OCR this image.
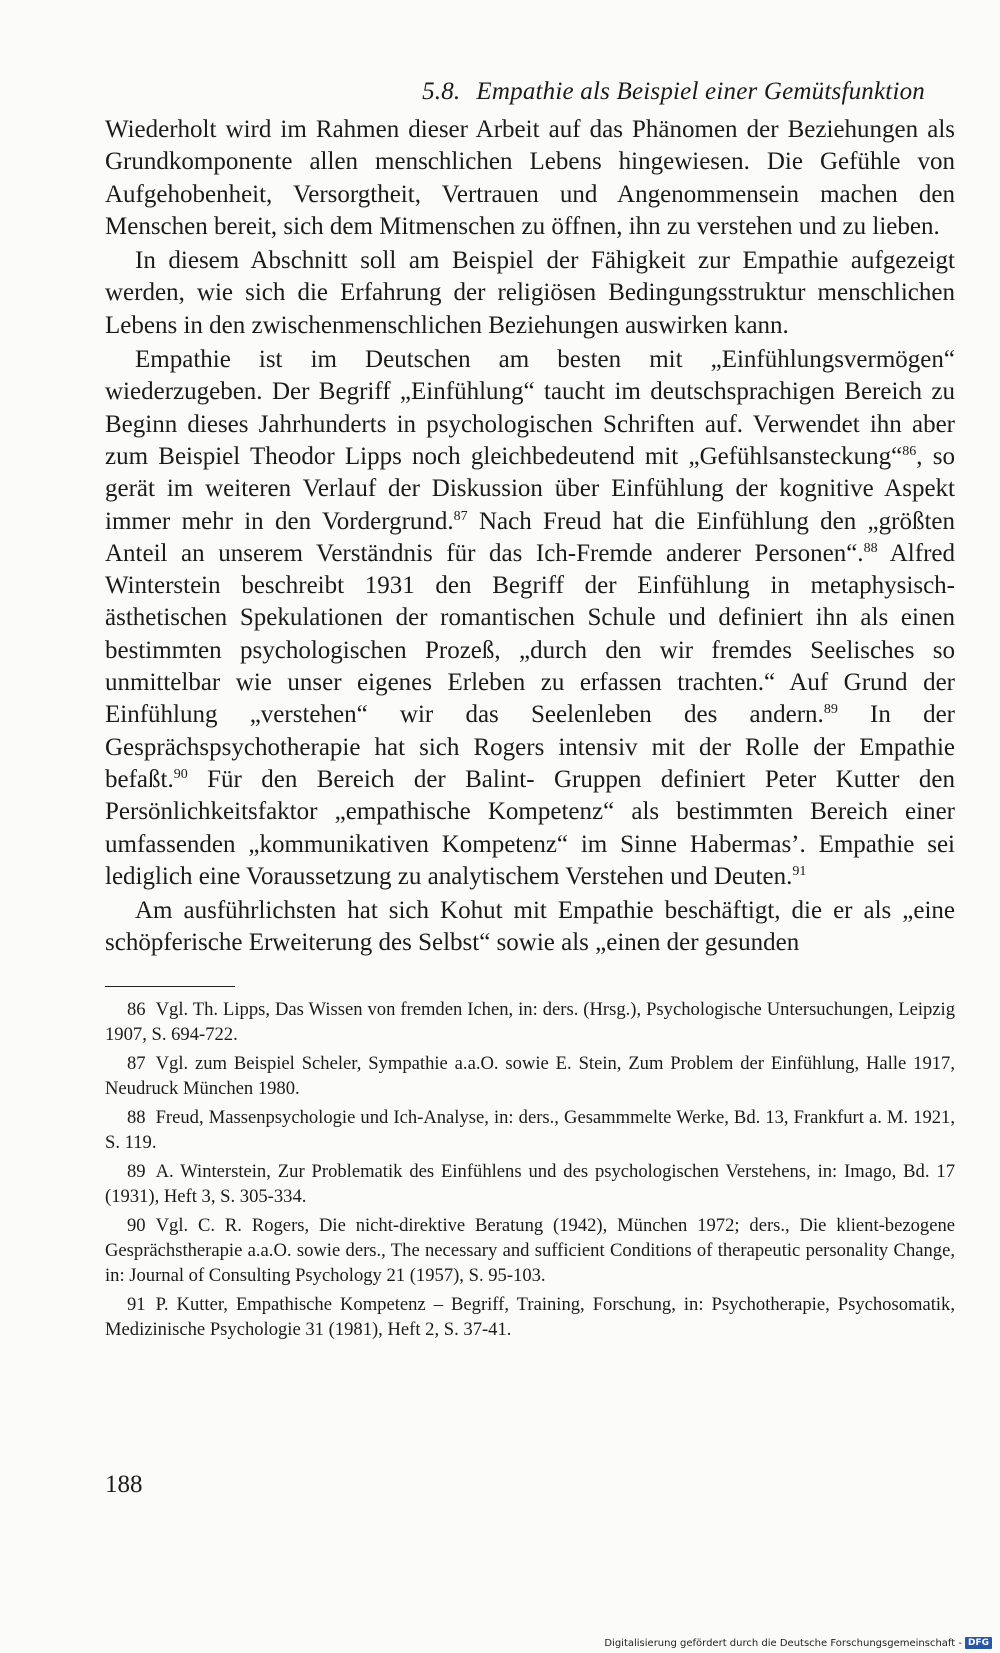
5.8. Empathie als Beispiel einer Gemütsfunktion

Wiederholt wird im Rahmen dieser Arbeit auf das Phänomen der Beziehungen als Grundkomponente allen menschlichen Lebens hingewiesen. Die Gefühle von Aufgehobenheit, Versorgtheit, Vertrauen und Angenommensein machen den Menschen bereit, sich dem Mitmenschen zu öffnen, ihn zu verstehen und zu lieben.

In diesem Abschnitt soll am Beispiel der Fähigkeit zur Empathie aufgezeigt werden, wie sich die Erfahrung der religiösen Bedingungsstruktur menschlichen Lebens in den zwischenmenschlichen Beziehungen auswirken kann.

Empathie ist im Deutschen am besten mit „Einfühlungsvermögen“ wiederzugeben. Der Begriff „Einfühlung“ taucht im deutschsprachigen Bereich zu Beginn dieses Jahrhunderts in psychologischen Schriften auf. Verwendet ihn aber zum Beispiel Theodor Lipps noch gleichbedeutend mit „Gefühlsansteckung“$^{86}$, so gerät im weiteren Verlauf der Diskussion über Einfühlung der kognitive Aspekt immer mehr in den Vordergrund.$^{87}$ Nach Freud hat die Einfühlung den „größten Anteil an unserem Verständnis für das Ich-Fremde anderer Personen“.$^{88}$ Alfred Winterstein beschreibt 1931 den Begriff der Einfühlung in metaphysisch-ästhetischen Spekulationen der romantischen Schule und definiert ihn als einen bestimmten psychologischen Prozeß, „durch den wir fremdes Seelisches so unmittelbar wie unser eigenes Erleben zu erfassen trachten.“ Auf Grund der Einfühlung „verstehen“ wir das Seelenleben des andern.$^{89}$ In der Gesprächspsychotherapie hat sich Rogers intensiv mit der Rolle der Empathie befaßt.$^{90}$ Für den Bereich der Balint- Gruppen definiert Peter Kutter den Persönlichkeitsfaktor „empathische Kompetenz“ als bestimmten Bereich einer umfassenden „kommunikativen Kompetenz“ im Sinne Habermas’. Empathie sei lediglich eine Voraussetzung zu analytischem Verstehen und Deuten.$^{91}$

Am ausführlichsten hat sich Kohut mit Empathie beschäftigt, die er als „eine schöpferische Erweiterung des Selbst“ sowie als „einen der gesunden

86 Vgl. Th. Lipps, Das Wissen von fremden Ichen, in: ders. (Hrsg.), Psychologische Untersuchungen, Leipzig 1907, S. 694-722.

87 Vgl. zum Beispiel Scheler, Sympathie a.a.O. sowie E. Stein, Zum Problem der Einfühlung, Halle 1917, Neudruck München 1980.

88 Freud, Massenpsychologie und Ich-Analyse, in: ders., Gesammmelte Werke, Bd. 13, Frankfurt a. M. 1921, S. 119.

89 A. Winterstein, Zur Problematik des Einfühlens und des psychologischen Verstehens, in: Imago, Bd. 17 (1931), Heft 3, S. 305-334.

90 Vgl. C. R. Rogers, Die nicht-direktive Beratung (1942), München 1972; ders., Die klient-bezogene Gesprächstherapie a.a.O. sowie ders., The necessary and sufficient Conditions of therapeutic personality Change, in: Journal of Consulting Psychology 21 (1957), S. 95-103.

91 P. Kutter, Empathische Kompetenz – Begriff, Training, Forschung, in: Psychotherapie, Psychosomatik, Medizinische Psychologie 31 (1981), Heft 2, S. 37-41.

188
Digitalisierung gefördert durch die Deutsche Forschungsgemeinschaft - DFG
